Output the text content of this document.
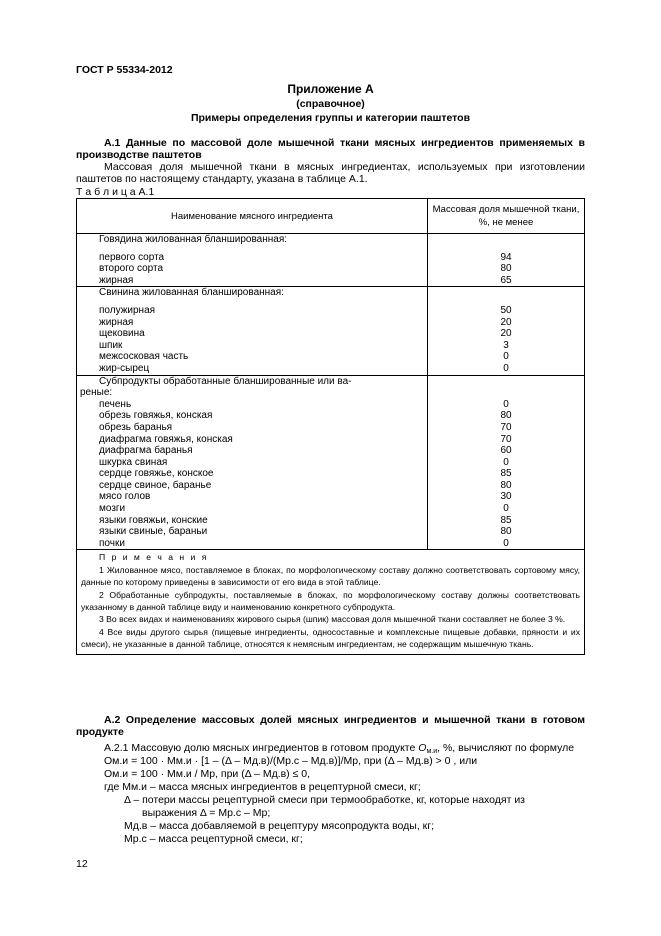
ГОСТ Р 55334-2012
Приложение А
(справочное)
Примеры определения группы и категории паштетов
А.1 Данные по массовой доле мышечной ткани мясных ингредиентов применяемых в производстве паштетов
Массовая доля мышечной ткани в мясных ингредиентах, используемых при изготовлении паштетов по настоящему стандарту, указана в таблице А.1.
Т а б л и ц а А.1
Наименование мясного ингредиента	Массовая доля мышечной ткани, %, не менее
Говядина жилованная бланшированная:	

первого сорта	94
второго сорта	80
жирная	65
Свинина жилованная бланшированная:	

полужирная	50
жирная	20
щековина	20
шпик	3
межсосковая часть	0
жир-сырец	0
Субпродукты обработанные бланшированные или ва-	
реные:	
печень	0
обрезь говяжья, конская	80
обрезь баранья	70
диафрагма говяжья, конская	70
диафрагма баранья	60
шкурка свиная	0
сердце говяжье, конское	85
сердце свиное, баранье	80
мясо голов	30
мозги	0
языки говяжьи, конские	85
языки свиные, бараньи	80
почки	0

П р и м е ч а н и я

1 Жилованное мясо, поставляемое в блоках, по морфологическому составу должно соответствовать сортовому мясу, данные по которому приведены в зависимости от его вида в этой таблице.

2 Обработанные субпродукты, поставляемые в блоках, по морфологическому составу должны соответствовать указанному в данной таблице виду и наименованию конкретного субпродукта.

3 Во всех видах и наименованиях жирового сырья (шпик) массовая доля мышечной ткани составляет не более 3 %.

4 Все виды другого сырья (пищевые ингредиенты, односоставные и комплексные пищевые добавки, пряности и их смеси), не указанные в данной таблице, относятся к немясным ингредиентам, не содержащим мышечную ткань.	

А.2 Определение массовых долей мясных ингредиентов и мышечной ткани в готовом продукте
А.2.1 Массовую долю мясных ингредиентов в готовом продукте $О_{м.и}$, %, вычисляют по формуле
Oм.и = 100 · Mм.и · [1 – (Δ – Mд.в)/(Mр.с – Mд.в)]/Mр, при (Δ – Mд.в) > 0 , или
Oм.и = 100 · Mм.и / Mр, при (Δ – Mд.в) ≤ 0,
где Mм.и – масса мясных ингредиентов в рецептурной смеси, кг;
Δ – потери массы рецептурной смеси при термообработке, кг, которые находят из
выражения Δ = Mр.с – Mр;
Mд.в – масса добавляемой в рецептуру мясопродукта воды, кг;
Mр.с – масса рецептурной смеси, кг;
12
